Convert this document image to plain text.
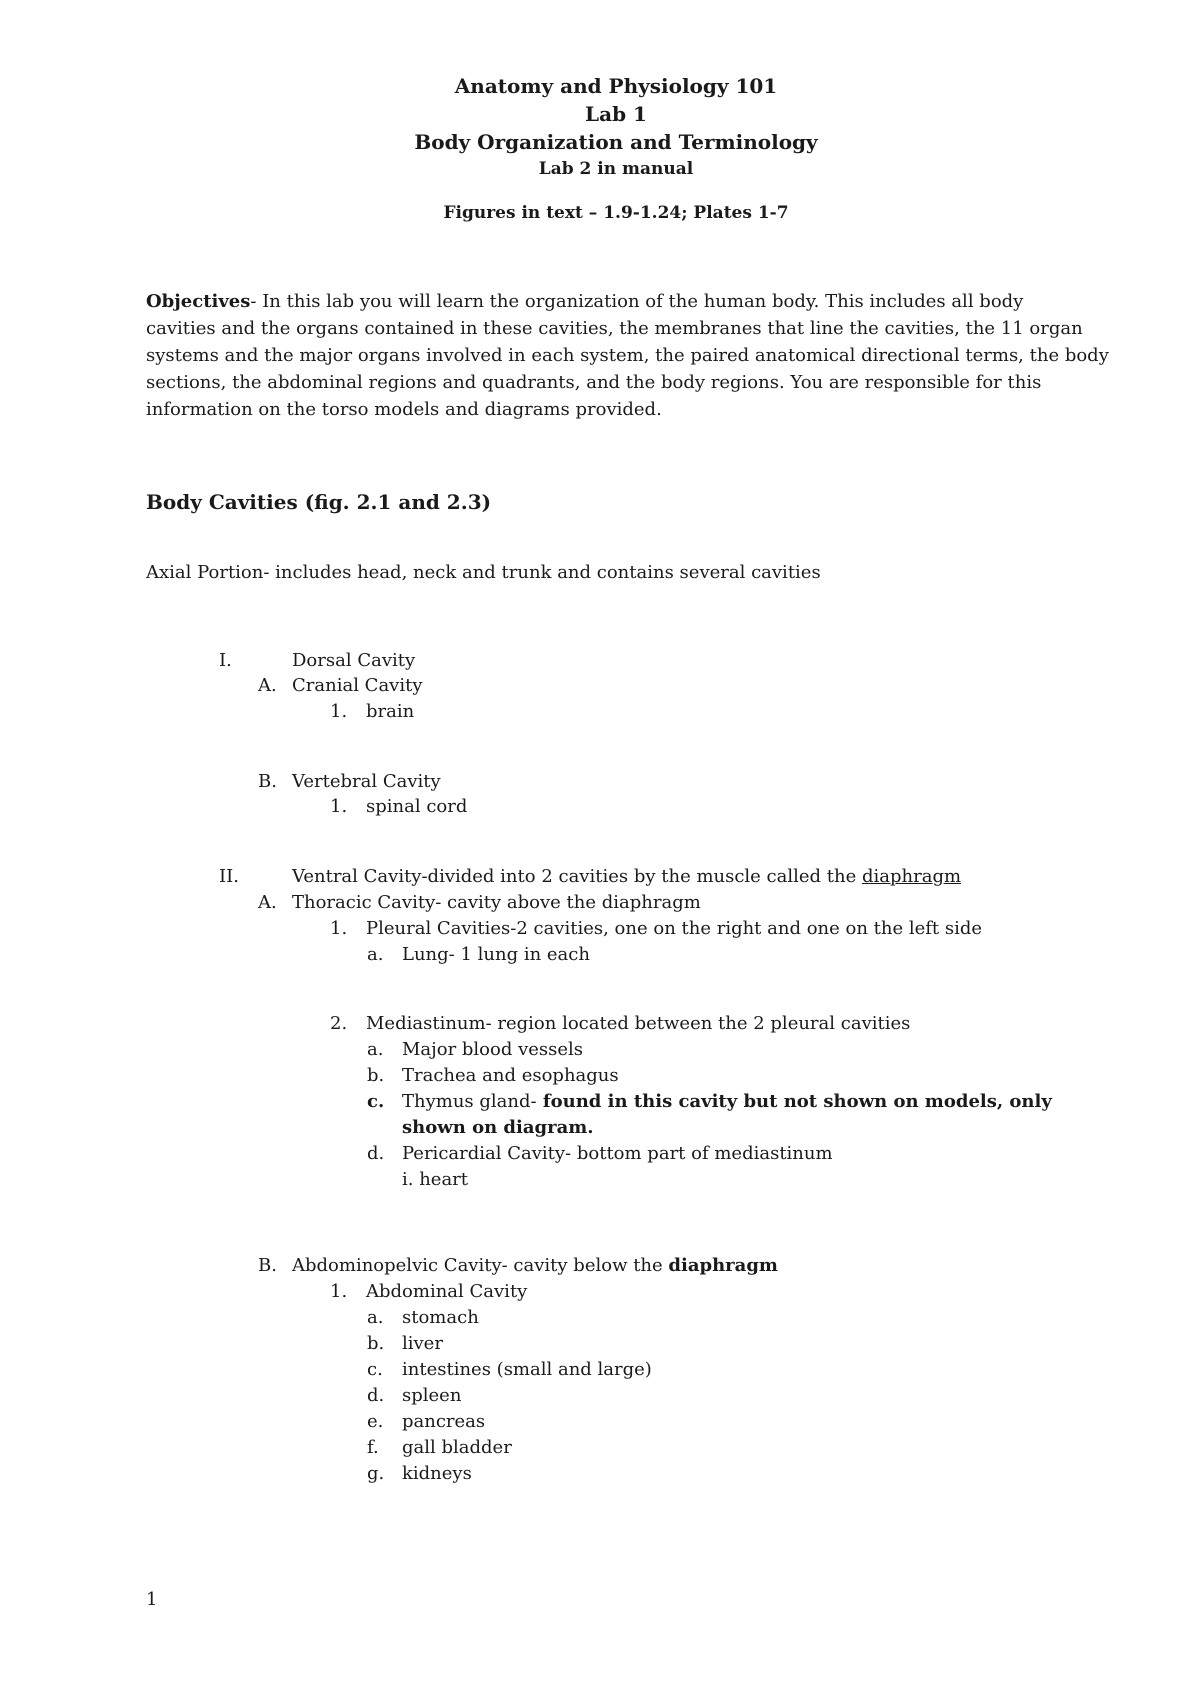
Anatomy and Physiology 101
Lab 1
Body Organization and Terminology
Lab 2 in manual
Figures in text – 1.9-1.24; Plates 1-7
Objectives- In this lab you will learn the organization of the human body. This includes all body
cavities and the organs contained in these cavities, the membranes that line the cavities, the 11 organ
systems and the major organs involved in each system, the paired anatomical directional terms, the body
sections, the abdominal regions and quadrants, and the body regions. You are responsible for this
information on the torso models and diagrams provided.
Body Cavities (fig. 2.1 and 2.3)
Axial Portion- includes head, neck and trunk and contains several cavities
I.	Dorsal Cavity
A. Cranial Cavity
1. brain
B. Vertebral Cavity
1. spinal cord
II.	Ventral Cavity-divided into 2 cavities by the muscle called the diaphragm
A. Thoracic Cavity- cavity above the diaphragm
1. Pleural Cavities-2 cavities, one on the right and one on the left side
a. Lung- 1 lung in each
2. Mediastinum- region located between the 2 pleural cavities
a. Major blood vessels
b. Trachea and esophagus
c. Thymus gland- found in this cavity but not shown on models, only
shown on diagram.
d. Pericardial Cavity- bottom part of mediastinum
i. heart
B. Abdominopelvic Cavity- cavity below the diaphragm
1. Abdominal Cavity
a. stomach
b. liver
c. intestines (small and large)
d. spleen
e. pancreas
f. gall bladder
g. kidneys
1
